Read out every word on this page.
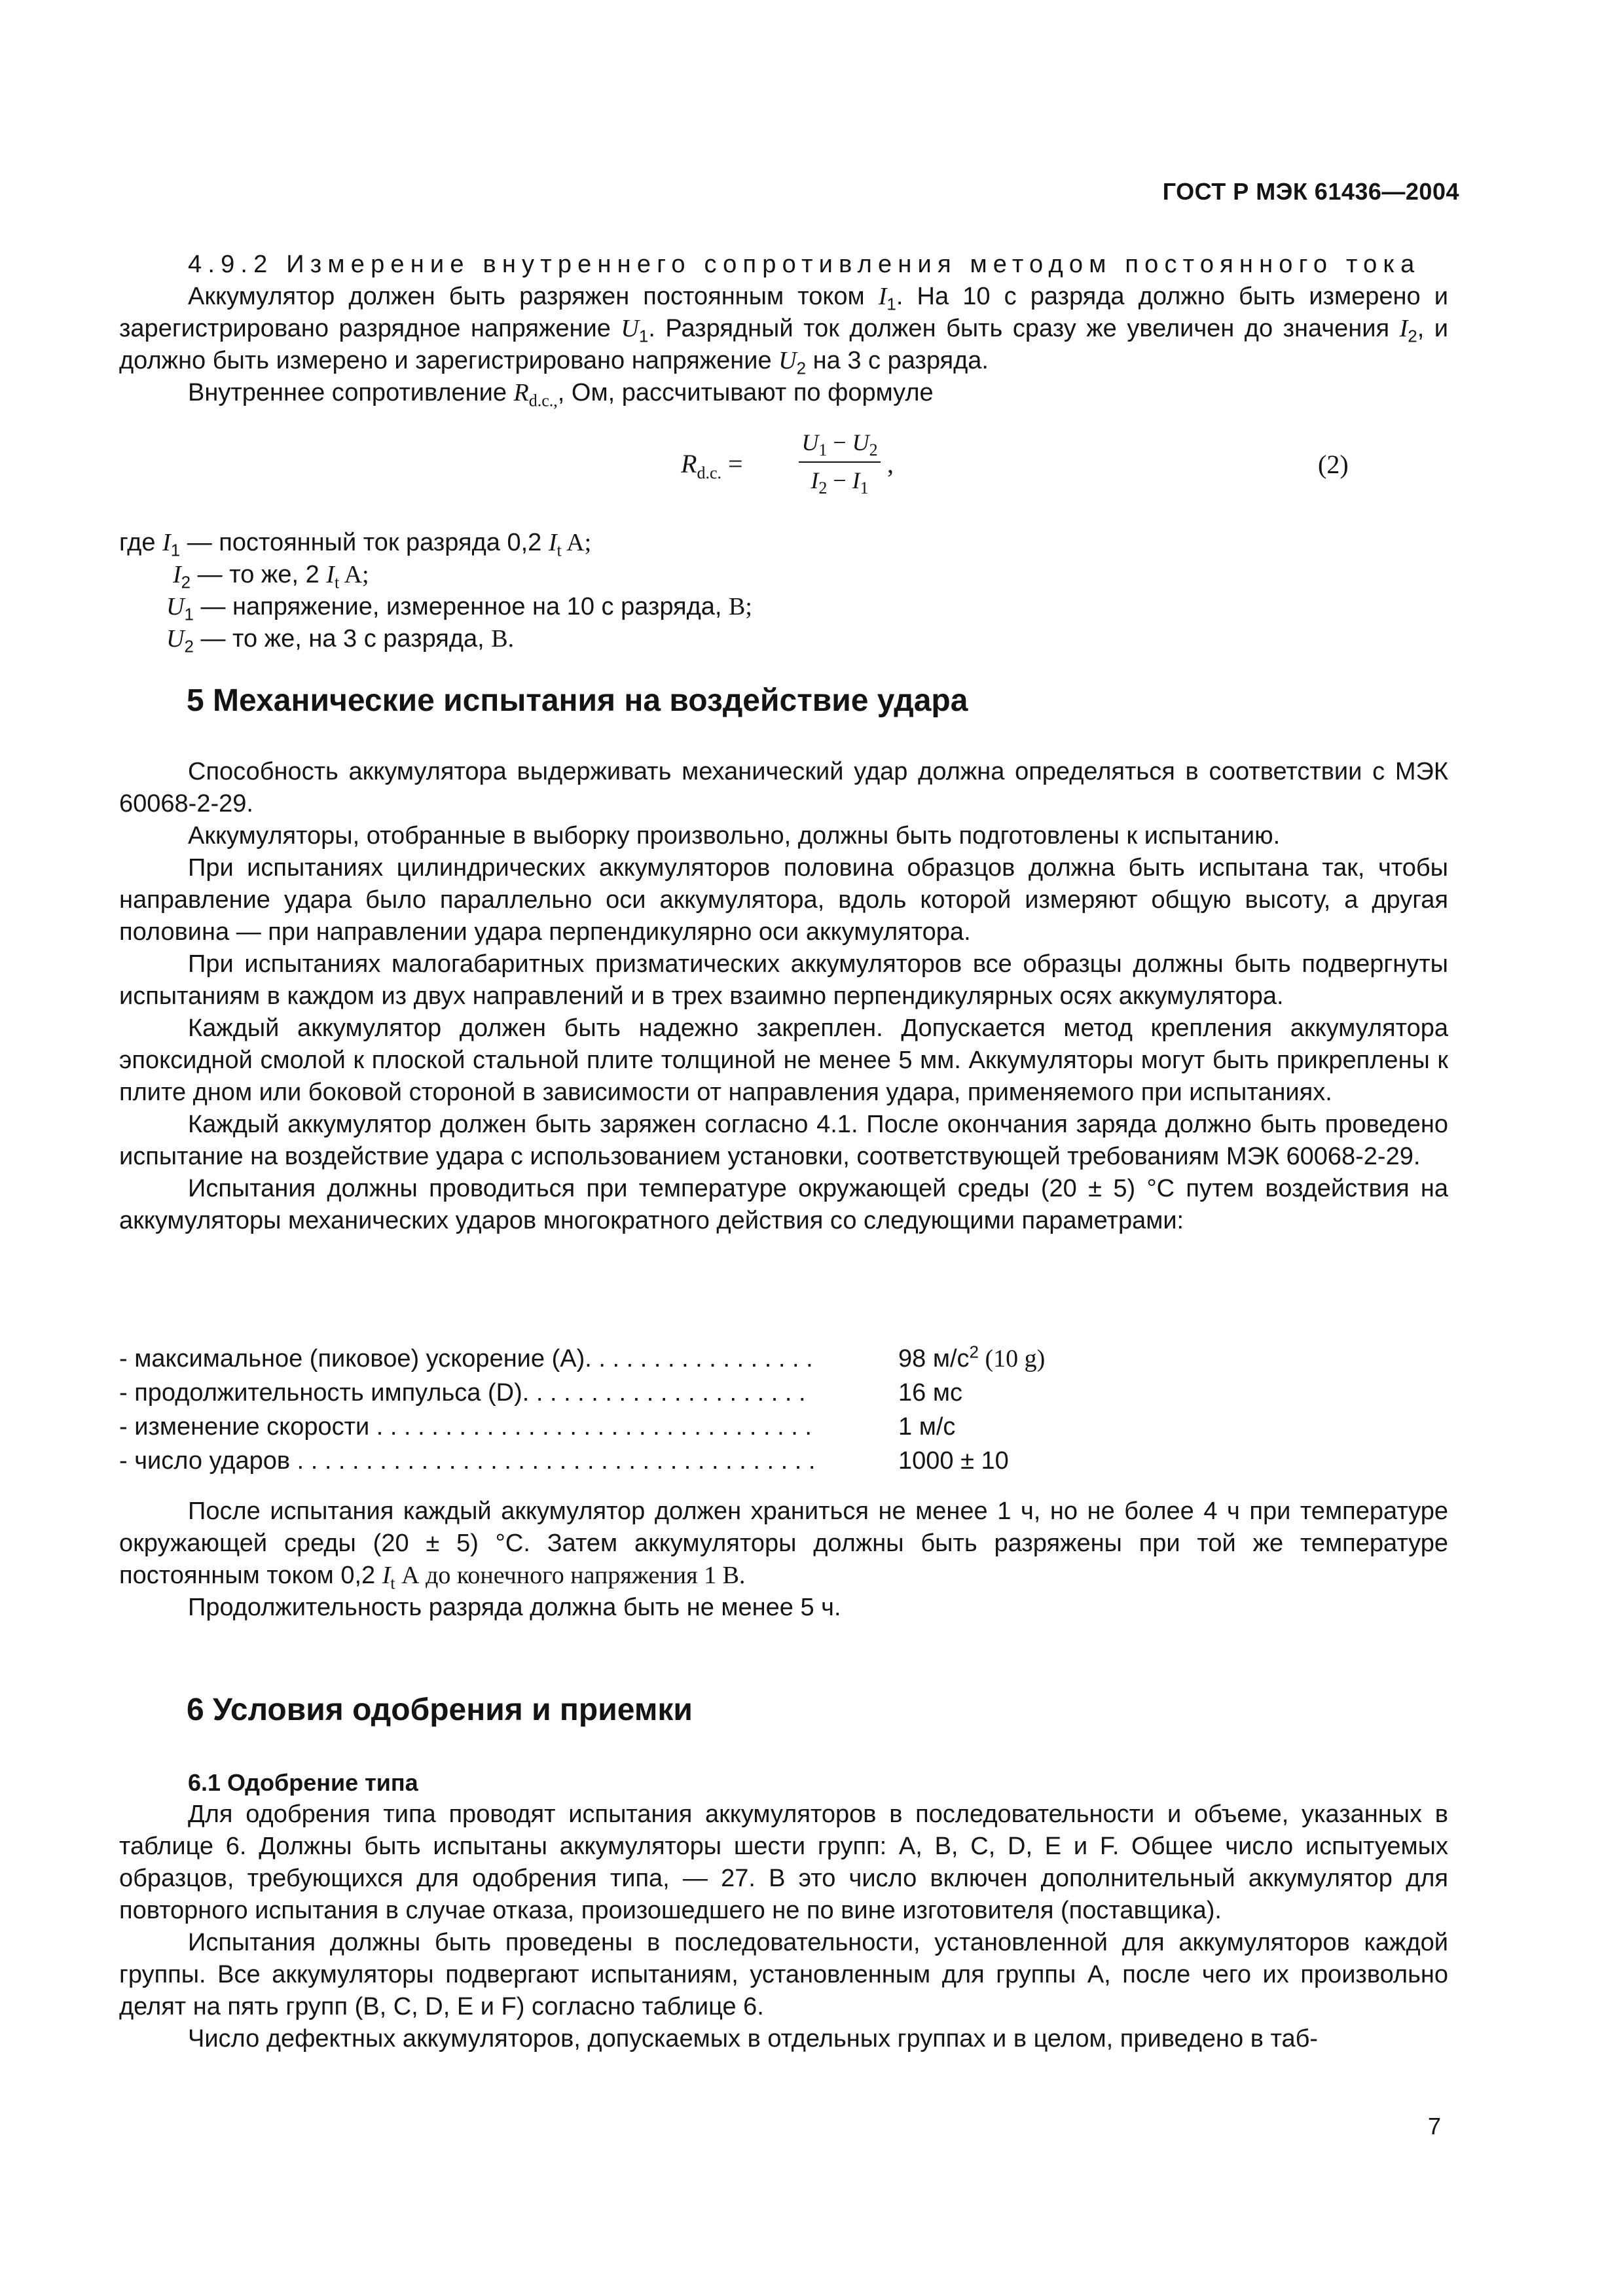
ГОСТ Р МЭК 61436—2004

4.9.2 Измерение внутреннего сопротивления методом постоянного тока

Аккумулятор должен быть разряжен постоянным током $I_1$. На 10 с разряда должно быть измерено и зарегистрировано разрядное напряжение $U_1$. Разрядный ток должен быть сразу же увеличен до значения $I_2$, и должно быть измерено и зарегистрировано напряжение $U_2$ на 3 с разряда.

Внутреннее сопротивление $R_{d.c.,}$, Ом, рассчитывают по формуле

$R_{d.c.}$ =
$U_1 - U_2$
$I_2 - I_1$
,	(2)
где $I_1$ — постоянный ток разряда 0,2 $I_t$ A;
$I_2$ — то же, 2 $I_t$ A;
$U_1$ — напряжение, измеренное на 10 с разряда, В;
$U_2$ — то же, на 3 с разряда, В.
5 Механические испытания на воздействие удара

Способность аккумулятора выдерживать механический удар должна определяться в соответствии с МЭК 60068-2-29.

Аккумуляторы, отобранные в выборку произвольно, должны быть подготовлены к испытанию.

При испытаниях цилиндрических аккумуляторов половина образцов должна быть испытана так, чтобы направление удара было параллельно оси аккумулятора, вдоль которой измеряют общую высоту, а другая половина — при направлении удара перпендикулярно оси аккумулятора.

При испытаниях малогабаритных призматических аккумуляторов все образцы должны быть подвергнуты испытаниям в каждом из двух направлений и в трех взаимно перпендикулярных осях аккумулятора.

Каждый аккумулятор должен быть надежно закреплен. Допускается метод крепления аккумулятора эпоксидной смолой к плоской стальной плите толщиной не менее 5 мм. Аккумуляторы могут быть прикреплены к плите дном или боковой стороной в зависимости от направления удара, применяемого при испытаниях.

Каждый аккумулятор должен быть заряжен согласно 4.1. После окончания заряда должно быть проведено испытание на воздействие удара с использованием установки, соответствующей требованиям МЭК 60068-2-29.

Испытания должны проводиться при температуре окружающей среды (20 ± 5) °С путем воздействия на аккумуляторы механических ударов многократного действия со следующими параметрами:

- максимальное (пиковое) ускорение (А). . . . . . . . . . . . . . . . .	98 $м/с^2$ (10 g)
- продолжительность импульса (D). . . . . . . . . . . . . . . . . . . . .	16 мс
- изменение скорости . . . . . . . . . . . . . . . . . . . . . . . . . . . . . . . .	1 м/с
- число ударов . . . . . . . . . . . . . . . . . . . . . . . . . . . . . . . . . . . . . .	1000 ± 10

После испытания каждый аккумулятор должен храниться не менее 1 ч, но не более 4 ч при температуре окружающей среды (20 ± 5) °С. Затем аккумуляторы должны быть разряжены при той же температуре постоянным током 0,2 $I_t$ А до конечного напряжения 1 В.

Продолжительность разряда должна быть не менее 5 ч.

6 Условия одобрения и приемки
6.1 Одобрение типа

Для одобрения типа проводят испытания аккумуляторов в последовательности и объеме, указанных в таблице 6. Должны быть испытаны аккумуляторы шести групп: А, В, С, D, Е и F. Общее число испытуемых образцов, требующихся для одобрения типа, — 27. В это число включен дополнительный аккумулятор для повторного испытания в случае отказа, произошедшего не по вине изготовителя (поставщика).

Испытания должны быть проведены в последовательности, установленной для аккумуляторов каждой группы. Все аккумуляторы подвергают испытаниям, установленным для группы А, после чего их произвольно делят на пять групп (В, С, D, Е и F) согласно таблице 6.

Число дефектных аккумуляторов, допускаемых в отдельных группах и в целом, приведено в таб-

7
